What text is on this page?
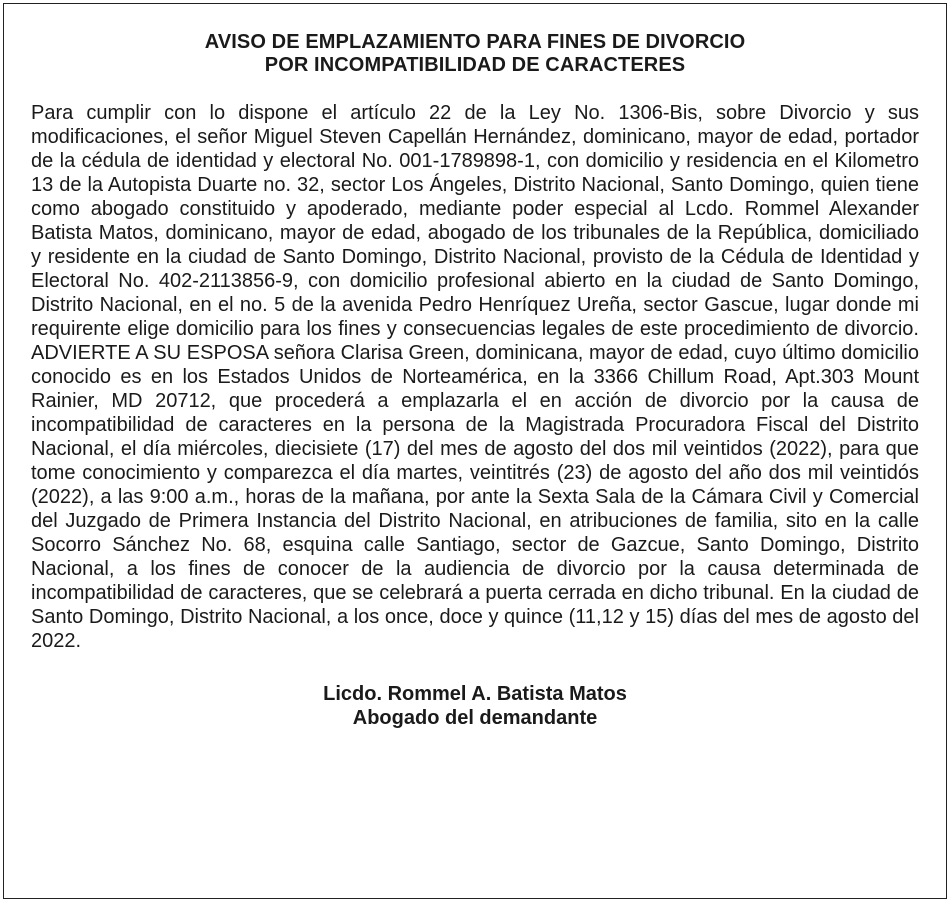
AVISO DE EMPLAZAMIENTO PARA FINES DE DIVORCIO
POR INCOMPATIBILIDAD DE CARACTERES
Para cumplir con lo dispone el artículo 22 de la Ley No. 1306-Bis, sobre Divorcio y sus modificaciones, el señor Miguel Steven Capellán Hernández, dominicano, mayor de edad, portador de la cédula de identidad y electoral No. 001-1789898-1, con domicilio y residencia en el Kilometro 13 de la Autopista Duarte no. 32, sector Los Ángeles, Distrito Nacional, Santo Domingo, quien tiene como abogado constituido y apoderado, mediante poder especial al Lcdo. Rommel Alexander Batista Matos, dominicano, mayor de edad, abogado de los tribunales de la República, domiciliado y residente en la ciudad de Santo Domingo, Distrito Nacional, provisto de la Cédula de Identidad y Electoral No. 402-2113856-9, con domicilio profesional abierto en la ciudad de Santo Domingo, Distrito Nacional, en el no. 5 de la avenida Pedro Henríquez Ureña, sector Gascue, lugar donde mi requirente elige domicilio para los fines y consecuencias legales de este procedimiento de divorcio. ADVIERTE A SU ESPOSA señora Clarisa Green, dominicana, mayor de edad, cuyo último domicilio conocido es en los Estados Unidos de Norteamérica, en la 3366 Chillum Road, Apt.303 Mount Rainier, MD 20712, que procederá a emplazarla el en acción de divorcio por la causa de incompatibilidad de caracteres en la persona de la Magistrada Procuradora Fiscal del Distrito Nacional, el día miércoles, diecisiete (17) del mes de agosto del dos mil veintidos (2022), para que tome conocimiento y comparezca el día martes, veintitrés (23) de agosto del año dos mil veintidós (2022), a las 9:00 a.m., horas de la mañana, por ante la Sexta Sala de la Cámara Civil y Comercial del Juzgado de Primera Instancia del Distrito Nacional, en atribuciones de familia, sito en la calle Socorro Sánchez No. 68, esquina calle Santiago, sector de Gazcue, Santo Domingo, Distrito Nacional, a los fines de conocer de la audiencia de divorcio por la causa determinada de incompatibilidad de caracteres, que se celebrará a puerta cerrada en dicho tribunal. En la ciudad de Santo Domingo, Distrito Nacional, a los once, doce y quince (11,12 y 15) días del mes de agosto del 2022.
Licdo. Rommel A. Batista Matos
Abogado del demandante
